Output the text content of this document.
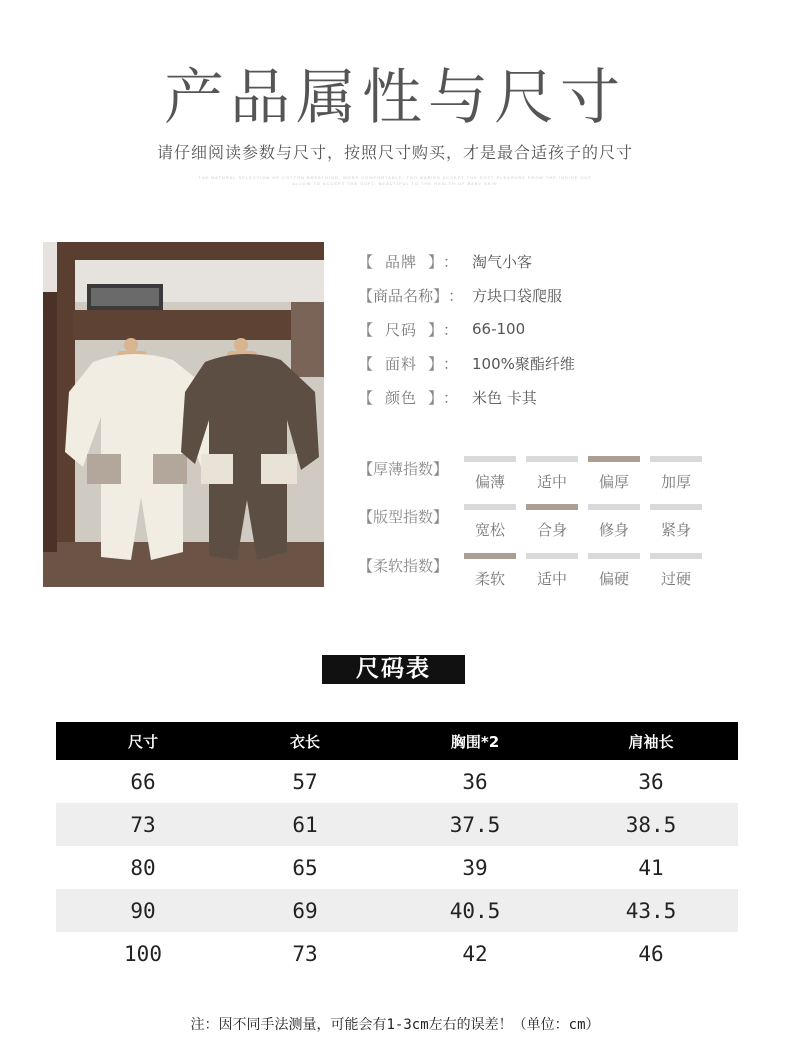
产品属性与尺寸
请仔细阅读参数与尺寸，按照尺寸购买，才是最合适孩子的尺寸
THE NATURAL SELECTION OF COTTON BREATHING, MORE COMFORTABLE, TOO BABIES ACCEPT THE SOFT PLEASURE FROM THE INSIDE OUT
ALLOW TO ACCEPT THE SOFT, BEAUTIFUL TO THE HEALTH OF BABY SKIN
【 品 牌 】 ： 淘气小客
【 商 品 名 称 】 ： 方块口袋爬服
【 尺 码 】 ： 66-100
【 面 料 】 ： 100%聚酯纤维
【 颜 色 】 ： 米色 卡其
【厚薄指数】
偏薄	适中	偏厚	加厚
【版型指数】
宽松	合身	修身	紧身
【柔软指数】
柔软	适中	偏硬	过硬
尺码表
尺寸	衣长	胸围*2	肩袖长
66	57	36	36
73	61	37.5	38.5
80	65	39	41
90	69	40.5	43.5
100	73	42	46
注：因不同手法测量，可能会有1-3cm左右的误差！（单位：cm）
